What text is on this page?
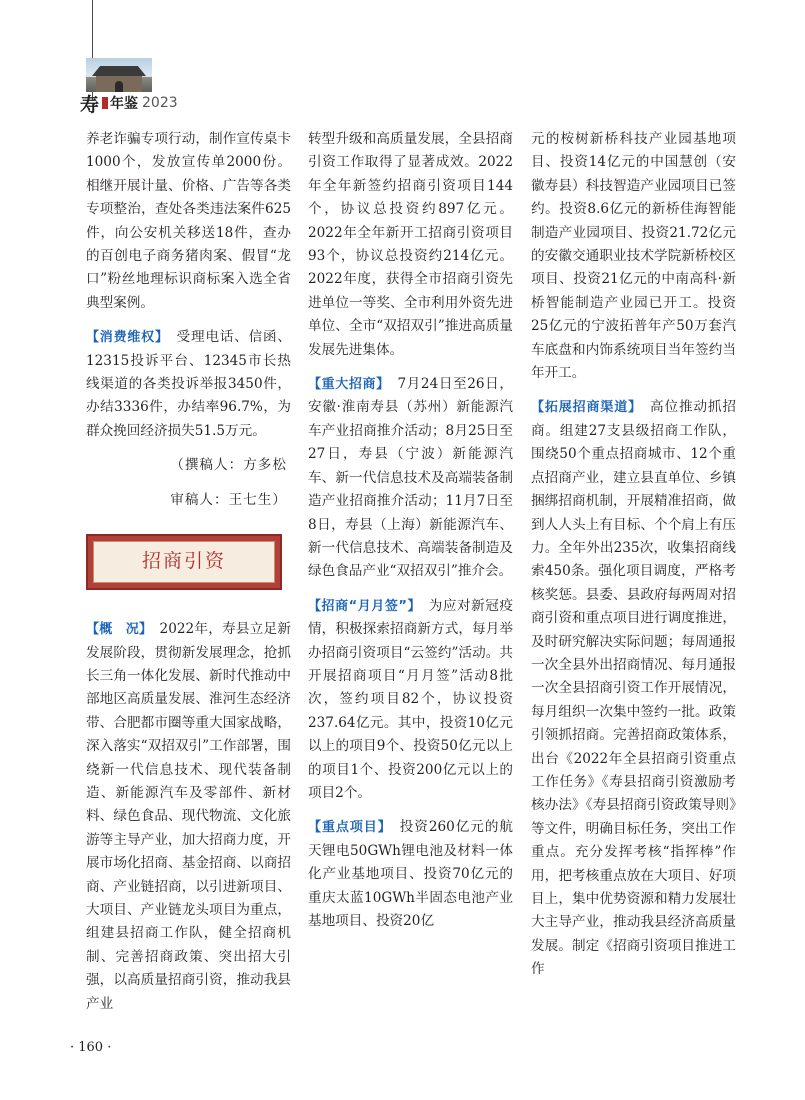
寿 年鉴 2023

养老诈骗专项行动，制作宣传桌卡1000个，发放宣传单2000份。相继开展计量、价格、广告等各类专项整治，查处各类违法案件625件，向公安机关移送18件，查办的百创电子商务猪肉案、假冒“龙口”粉丝地理标识商标案入选全省典型案例。

【消费维权】　 受理电话、信函、12315投诉平台、12345市长热线渠道的各类投诉举报3450件，办结3336件，办结率96.7%，为群众挽回经济损失51.5万元。

（撰稿人：方多松

审稿人：王七生）

招商引资

【概　况】　 2022年，寿县立足新发展阶段，贯彻新发展理念，抢抓长三角一体化发展、新时代推动中部地区高质量发展、淮河生态经济带、合肥都市圈等重大国家战略，深入落实“双招双引”工作部署，围绕新一代信息技术、现代装备制造、新能源汽车及零部件、新材料、绿色食品、现代物流、文化旅游等主导产业，加大招商力度，开展市场化招商、基金招商、以商招商、产业链招商，以引进新项目、大项目、产业链龙头项目为重点，组建县招商工作队，健全招商机制、完善招商政策、突出招大引强，以高质量招商引资，推动我县产业

转型升级和高质量发展，全县招商引资工作取得了显著成效。2022年全年新签约招商引资项目144个，协议总投资约897亿元。2022年全年新开工招商引资项目93个，协议总投资约214亿元。2022年度，获得全市招商引资先进单位一等奖、全市利用外资先进单位、全市“双招双引”推进高质量发展先进集体。

【重大招商】　 7月24日至26日，安徽·淮南寿县（苏州）新能源汽车产业招商推介活动；8月25日至27日，寿县（宁波）新能源汽车、新一代信息技术及高端装备制造产业招商推介活动；11月7日至8日，寿县（上海）新能源汽车、新一代信息技术、高端装备制造及绿色食品产业“双招双引”推介会。

【招商“月月签”】　 为应对新冠疫情，积极探索招商新方式，每月举办招商引资项目“云签约”活动。共开展招商项目“月月签”活动8批次，签约项目82个，协议投资237.64亿元。其中，投资10亿元以上的项目9个、投资50亿元以上的项目1个、投资200亿元以上的项目2个。

【重点项目】　 投资260亿元的航天锂电50GWh锂电池及材料一体化产业基地项目、投资70亿元的重庆太蓝10GWh半固态电池产业基地项目、投资20亿

元的桉树新桥科技产业园基地项目、投资14亿元的中国慧创（安徽寿县）科技智造产业园项目已签约。投资8.6亿元的新桥佳海智能制造产业园项目、投资21.72亿元的安徽交通职业技术学院新桥校区项目、投资21亿元的中南高科·新桥智能制造产业园已开工。投资25亿元的宁波拓普年产50万套汽车底盘和内饰系统项目当年签约当年开工。

【拓展招商渠道】　 高位推动抓招商。组建27支县级招商工作队，围绕50个重点招商城市、12个重点招商产业，建立县直单位、乡镇捆绑招商机制，开展精准招商，做到人人头上有目标、个个肩上有压力。全年外出235次，收集招商线索450条。强化项目调度，严格考核奖惩。县委、县政府每两周对招商引资和重点项目进行调度推进，及时研究解决实际问题；每周通报一次全县外出招商情况、每月通报一次全县招商引资工作开展情况，每月组织一次集中签约一批。政策引领抓招商。完善招商政策体系，出台《2022年全县招商引资重点工作任务》《寿县招商引资激励考核办法》《寿县招商引资政策导则》等文件，明确目标任务，突出工作重点。充分发挥考核“指挥棒”作用，把考核重点放在大项目、好项目上，集中优势资源和精力发展壮大主导产业，推动我县经济高质量发展。制定《招商引资项目推进工作

· 160 ·
